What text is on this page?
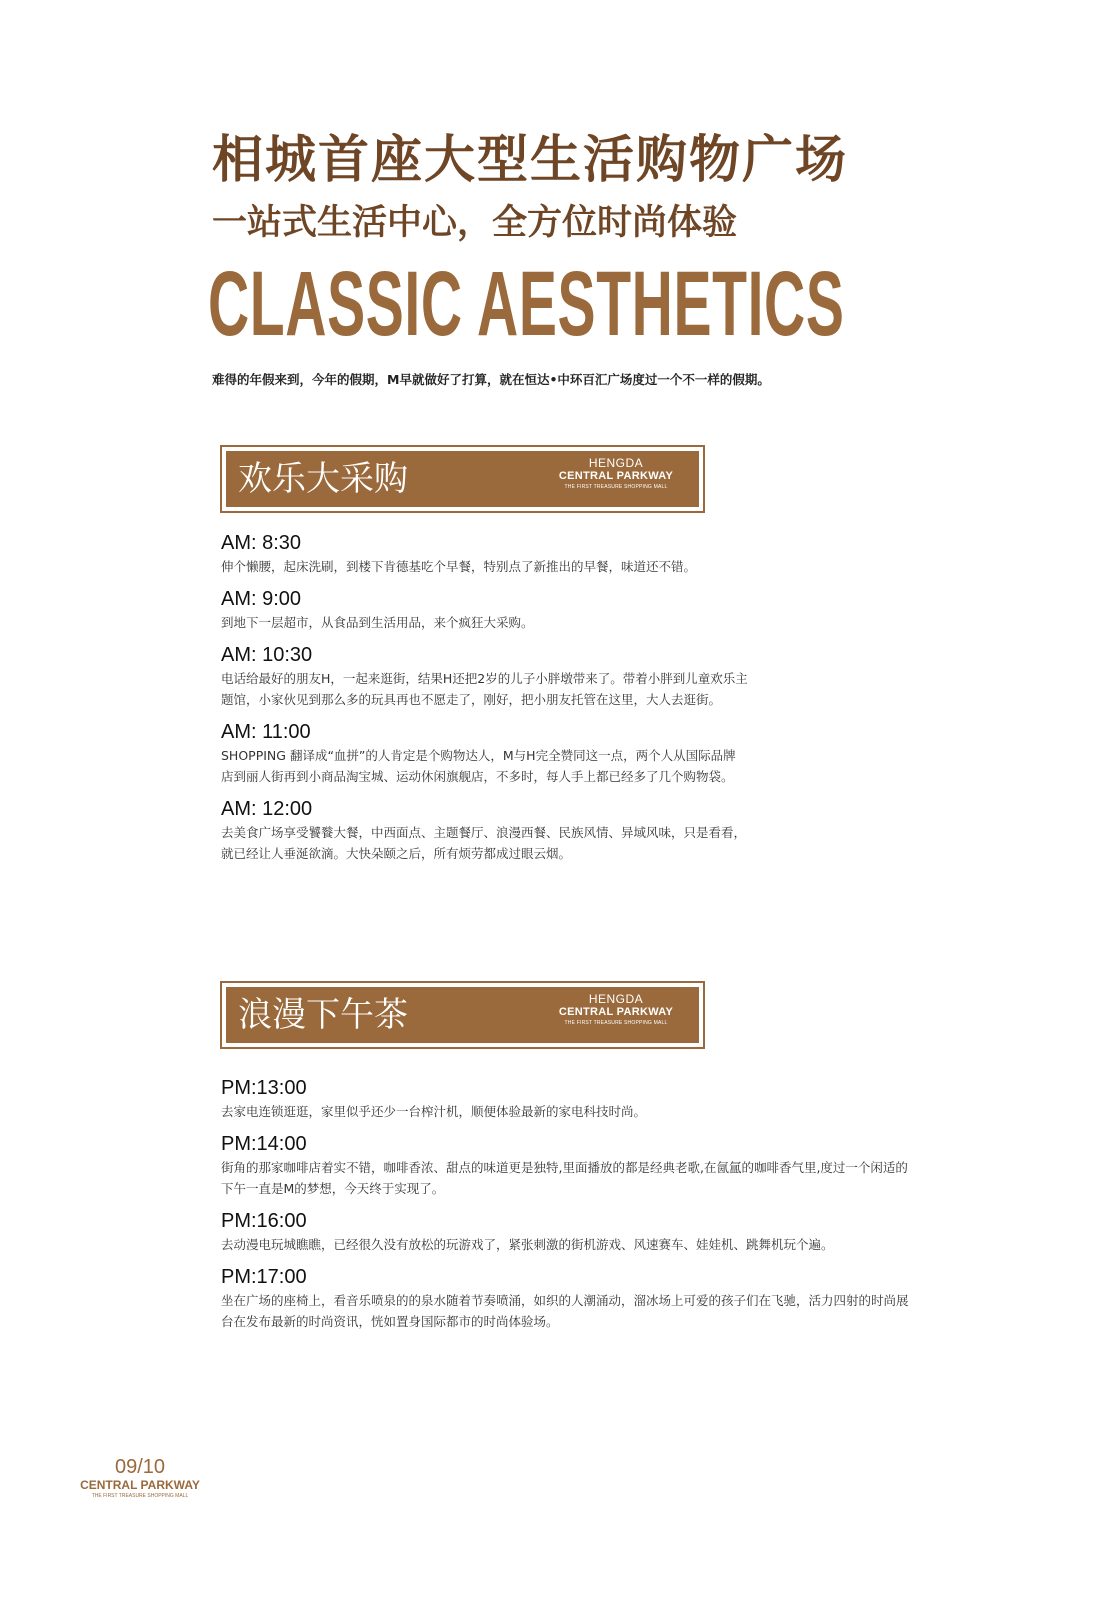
相城首座大型生活购物广场
一站式生活中心，全方位时尚体验
CLASSIC AESTHETICS

难得的年假来到，今年的假期，M早就做好了打算，就在恒达•中环百汇广场度过一个不一样的假期。

欢乐大采购	HENGDA
CENTRAL PARKWAY
THE FIRST TREASURE SHOPPING MALL
AM: 8:30
伸个懒腰，起床洗刷，到楼下肯德基吃个早餐，特别点了新推出的早餐，味道还不错。
AM: 9:00
到地下一层超市，从食品到生活用品，来个疯狂大采购。
AM: 10:30
电话给最好的朋友H，一起来逛街，结果H还把2岁的儿子小胖墩带来了。带着小胖到儿童欢乐主
题馆，小家伙见到那么多的玩具再也不愿走了，刚好，把小朋友托管在这里，大人去逛街。
AM: 11:00
SHOPPING 翻译成“血拼”的人肯定是个购物达人，M与H完全赞同这一点，两个人从国际品牌
店到丽人街再到小商品淘宝城、运动休闲旗舰店，不多时，每人手上都已经多了几个购物袋。
AM: 12:00
去美食广场享受饕餮大餐，中西面点、主题餐厅、浪漫西餐、民族风情、异域风味，只是看看，
就已经让人垂涎欲滴。大快朵颐之后，所有烦劳都成过眼云烟。
浪漫下午茶	HENGDA
CENTRAL PARKWAY
THE FIRST TREASURE SHOPPING MALL
PM:13:00
去家电连锁逛逛，家里似乎还少一台榨汁机，顺便体验最新的家电科技时尚。
PM:14:00
街角的那家咖啡店着实不错，咖啡香浓、甜点的味道更是独特,里面播放的都是经典老歌,在氤氲的咖啡香气里,度过一个闲适的
下午一直是M的梦想，今天终于实现了。
PM:16:00
去动漫电玩城瞧瞧，已经很久没有放松的玩游戏了，紧张刺激的街机游戏、风速赛车、娃娃机、跳舞机玩个遍。
PM:17:00
坐在广场的座椅上，看音乐喷泉的的泉水随着节奏喷涌，如织的人潮涌动，溜冰场上可爱的孩子们在飞驰，活力四射的时尚展
台在发布最新的时尚资讯，恍如置身国际都市的时尚体验场。
09/10
CENTRAL PARKWAY
THE FIRST TREASURE SHOPPING MALL
